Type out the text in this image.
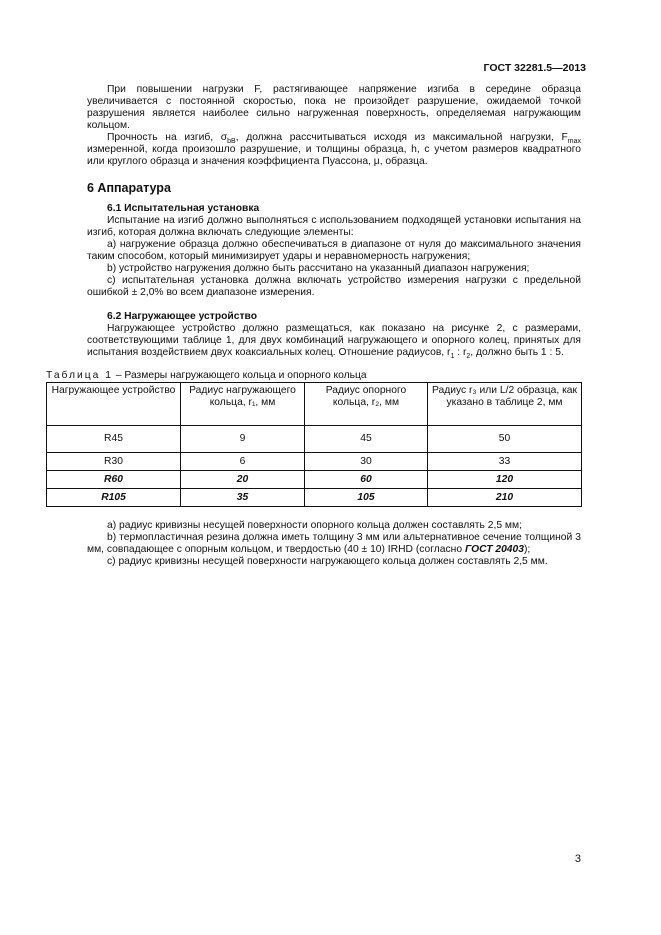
ГОСТ 32281.5—2013

При повышении нагрузки F, растягивающее напряжение изгиба в середине образца увеличивается с постоянной скоростью, пока не произойдет разрушение, ожидаемой точкой разрушения является наиболее сильно нагруженная поверхность, определяемая нагружающим кольцом.

Прочность на изгиб, $\sigma_{bB}$, должна рассчитываться исходя из максимальной нагрузки, $F_{max}$ измеренной, когда произошло разрушение, и толщины образца, h, с учетом размеров квадратного или круглого образца и значения коэффициента Пуассона, μ, образца.

6 Аппаратура
6.1 Испытательная установка

Испытание на изгиб должно выполняться с использованием подходящей установки испытания на изгиб, которая должна включать следующие элементы:

a) нагружение образца должно обеспечиваться в диапазоне от нуля до максимального значения таким способом, который минимизирует удары и неравномерность нагружения;

b) устройство нагружения должно быть рассчитано на указанный диапазон нагружения;

c) испытательная установка должна включать устройство измерения нагрузки с предельной ошибкой ± 2,0% во всем диапазоне измерения.

6.2 Нагружающее устройство

Нагружающее устройство должно размещаться, как показано на рисунке 2, с размерами, соответствующими таблице 1, для двух комбинаций нагружающего и опорного колец, принятых для испытания воздействием двух коаксиальных колец. Отношение радиусов, $r_1$ : $r_2$, должно быть 1 : 5.

Таблица 1 – Размеры нагружающего кольца и опорного кольца
Нагружающее устройство	Радиус нагружающего кольца, r₁, мм	Радиус опорного кольца, r₂, мм	Радиус r₃ или L/2 образца, как указано в таблице 2, мм
R45	9	45	50
R30	6	30	33
R60	20	60	120
R105	35	105	210

a) радиус кривизны несущей поверхности опорного кольца должен составлять 2,5 мм;

b) термопластичная резина должна иметь толщину 3 мм или альтернативное сечение толщиной 3 мм, совпадающее с опорным кольцом, и твердостью (40 ± 10) IRHD (согласно ГОСТ 20403);

c) радиус кривизны несущей поверхности нагружающего кольца должен составлять 2,5 мм.

3
